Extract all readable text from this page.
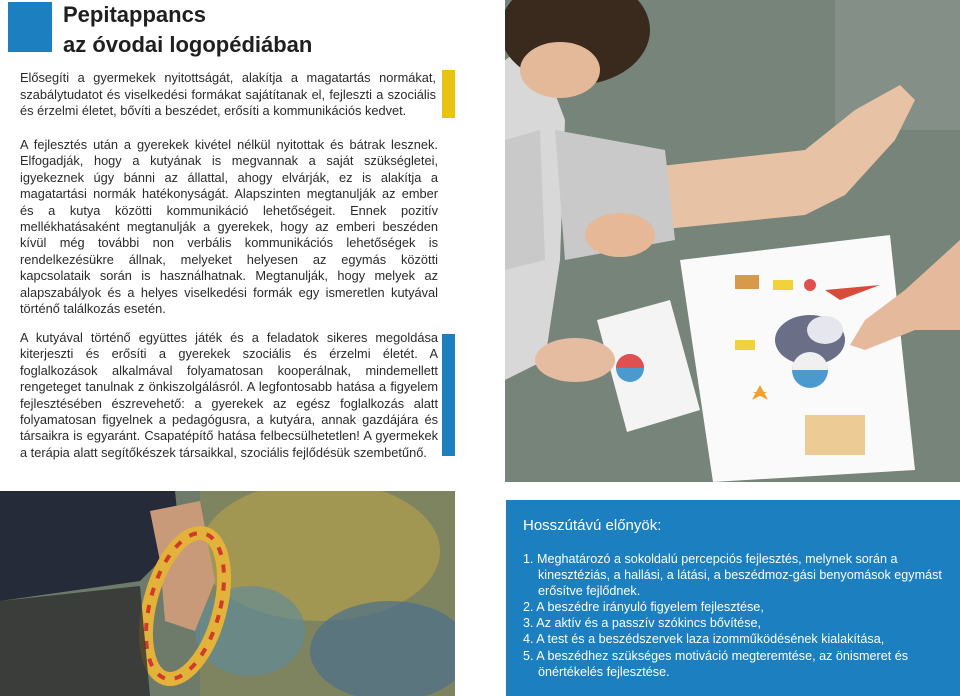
Pepitappancs
az óvodai logopédiában

Elősegíti a gyermekek nyitottságát, alakítja a magatartás normákat, szabálytudatot és viselkedési formákat sajátítanak el, fejleszti a szociális és érzelmi életet, bővíti a beszédet, erősíti a kommunikációs kedvet.

A fejlesztés után a gyerekek kivétel nélkül nyitottak és bátrak lesznek. Elfogadják, hogy a kutyának is megvannak a saját szükségletei, igyekeznek úgy bánni az állattal, ahogy elvárják, ez is alakítja a magatartási normák hatékonyságát. Alapszinten megtanulják az ember és a kutya közötti kommunikáció lehetőségeit. Ennek pozitív mellékhatásaként megtanulják a gyerekek, hogy az emberi beszéden kívül még további non verbális kommunikációs lehetőségek is rendelkezésükre állnak, melyeket helyesen az egymás közötti kapcsolataik során is használhatnak. Megtanulják, hogy melyek az alapszabályok és a helyes viselkedési formák egy ismeretlen kutyával történő találkozás esetén.

A kutyával történő együttes játék és a feladatok sikeres megoldása kiterjeszti és erősíti a gyerekek szociális és érzelmi életét. A foglalkozások alkalmával folyamatosan kooperálnak, mindemellett rengeteget tanulnak z önkiszolgálásról. A legfontosabb hatása a figyelem fejlesztésében észrevehető: a gyerekek az egész foglalkozás alatt folyamatosan figyelnek a pedagógusra, a kutyára, annak gazdájára és társaikra is egyaránt. Csapatépítő hatása felbecsülhetetlen! A gyermekek a terápia alatt segítőkészek társaikkal, szociális fejlődésük szembetűnő.

Hosszútávú előnyök:
1. Meghatározó a sokoldalú percepciós fejlesztés, melynek során a kinesztéziás, a hallási, a látási, a beszédmoz-gási benyomások egymást erősítve fejlődnek.
2. A beszédre irányuló figyelem fejlesztése,
3. Az aktív és a passzív szókincs bővítése,
4. A test és a beszédszervek laza izomműködésének kialakítása,
5. A beszédhez szükséges motiváció megteremtése, az önismeret és önértékelés fejlesztése.
